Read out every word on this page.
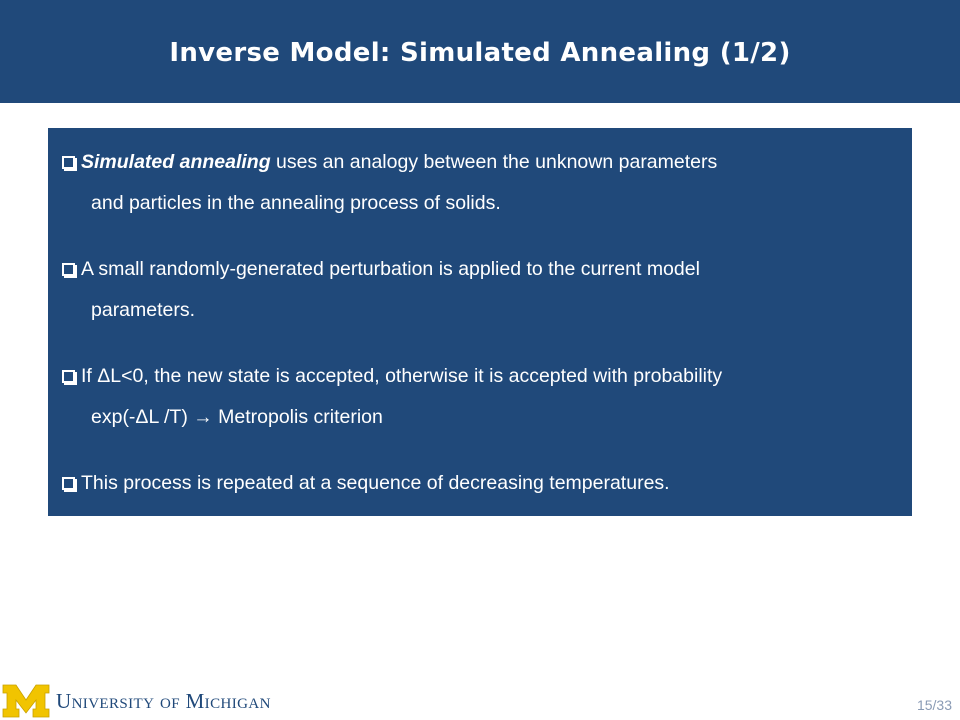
Inverse Model: Simulated Annealing (1/2)
Simulated annealing uses an analogy between the unknown parameters
and particles in the annealing process of solids.
A small randomly-generated perturbation is applied to the current model
parameters.
If ΔL<0, the new state is accepted, otherwise it is accepted with probability
exp(-ΔL /T) → Metropolis criterion
This process is repeated at a sequence of decreasing temperatures.
University of Michigan	15/33
